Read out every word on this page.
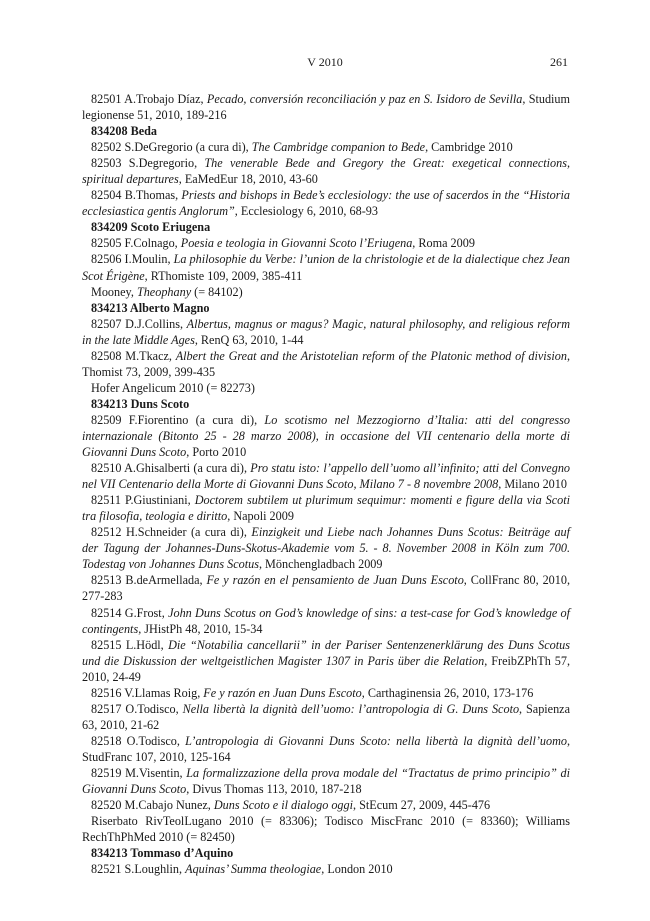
V 2010	261

82501 A.Trobajo Díaz, Pecado, conversión reconciliación y paz en S. Isidoro de Sevilla, Studium legionense 51, 2010, 189-216

834208 Beda

82502 S.DeGregorio (a cura di), The Cambridge companion to Bede, Cambridge 2010

82503 S.Degregorio, The venerable Bede and Gregory the Great: exegetical connections, spiritual departures, EaMedEur 18, 2010, 43-60

82504 B.Thomas, Priests and bishops in Bede’s ecclesiology: the use of sacerdos in the “Historia ecclesiastica gentis Anglorum”, Ecclesiology 6, 2010, 68-93

834209 Scoto Eriugena

82505 F.Colnago, Poesia e teologia in Giovanni Scoto l’Eriugena, Roma 2009

82506 I.Moulin, La philosophie du Verbe: l’union de la christologie et de la dialectique chez Jean Scot Érigène, RThomiste 109, 2009, 385-411

Mooney, Theophany (= 84102)

834213 Alberto Magno

82507 D.J.Collins, Albertus, magnus or magus? Magic, natural philosophy, and religious reform in the late Middle Ages, RenQ 63, 2010, 1-44

82508 M.Tkacz, Albert the Great and the Aristotelian reform of the Platonic method of division, Thomist 73, 2009, 399-435

Hofer Angelicum 2010 (= 82273)

834213 Duns Scoto

82509 F.Fiorentino (a cura di), Lo scotismo nel Mezzogiorno d’Italia: atti del congresso internazionale (Bitonto 25 - 28 marzo 2008), in occasione del VII centenario della morte di Giovanni Duns Scoto, Porto 2010

82510 A.Ghisalberti (a cura di), Pro statu isto: l’appello dell’uomo all’infinito; atti del Convegno nel VII Centenario della Morte di Giovanni Duns Scoto, Milano 7 - 8 novembre 2008, Milano 2010

82511 P.Giustiniani, Doctorem subtilem ut plurimum sequimur: momenti e figure della via Scoti tra filosofia, teologia e diritto, Napoli 2009

82512 H.Schneider (a cura di), Einzigkeit und Liebe nach Johannes Duns Scotus: Beiträge auf der Tagung der Johannes-Duns-Skotus-Akademie vom 5. - 8. November 2008 in Köln zum 700. Todestag von Johannes Duns Scotus, Mönchengladbach 2009

82513 B.deArmellada, Fe y razón en el pensamiento de Juan Duns Escoto, CollFranc 80, 2010, 277-283

82514 G.Frost, John Duns Scotus on God’s knowledge of sins: a test-case for God’s knowledge of contingents, JHistPh 48, 2010, 15-34

82515 L.Hödl, Die “Notabilia cancellarii” in der Pariser Sentenzenerklärung des Duns Scotus und die Diskussion der weltgeistlichen Magister 1307 in Paris über die Relation, FreibZPhTh 57, 2010, 24-49

82516 V.Llamas Roig, Fe y razón en Juan Duns Escoto, Carthaginensia 26, 2010, 173-176

82517 O.Todisco, Nella libertà la dignità dell’uomo: l’antropologia di G. Duns Scoto, Sapienza 63, 2010, 21-62

82518 O.Todisco, L’antropologia di Giovanni Duns Scoto: nella libertà la dignità dell’uomo, StudFranc 107, 2010, 125-164

82519 M.Visentin, La formalizzazione della prova modale del “Tractatus de primo principio” di Giovanni Duns Scoto, Divus Thomas 113, 2010, 187-218

82520 M.Cabajo Nunez, Duns Scoto e il dialogo oggi, StEcum 27, 2009, 445-476

Riserbato RivTeolLugano 2010 (= 83306); Todisco MiscFranc 2010 (= 83360); Williams RechThPhMed 2010 (= 82450)

834213 Tommaso d’Aquino

82521 S.Loughlin, Aquinas’ Summa theologiae, London 2010
